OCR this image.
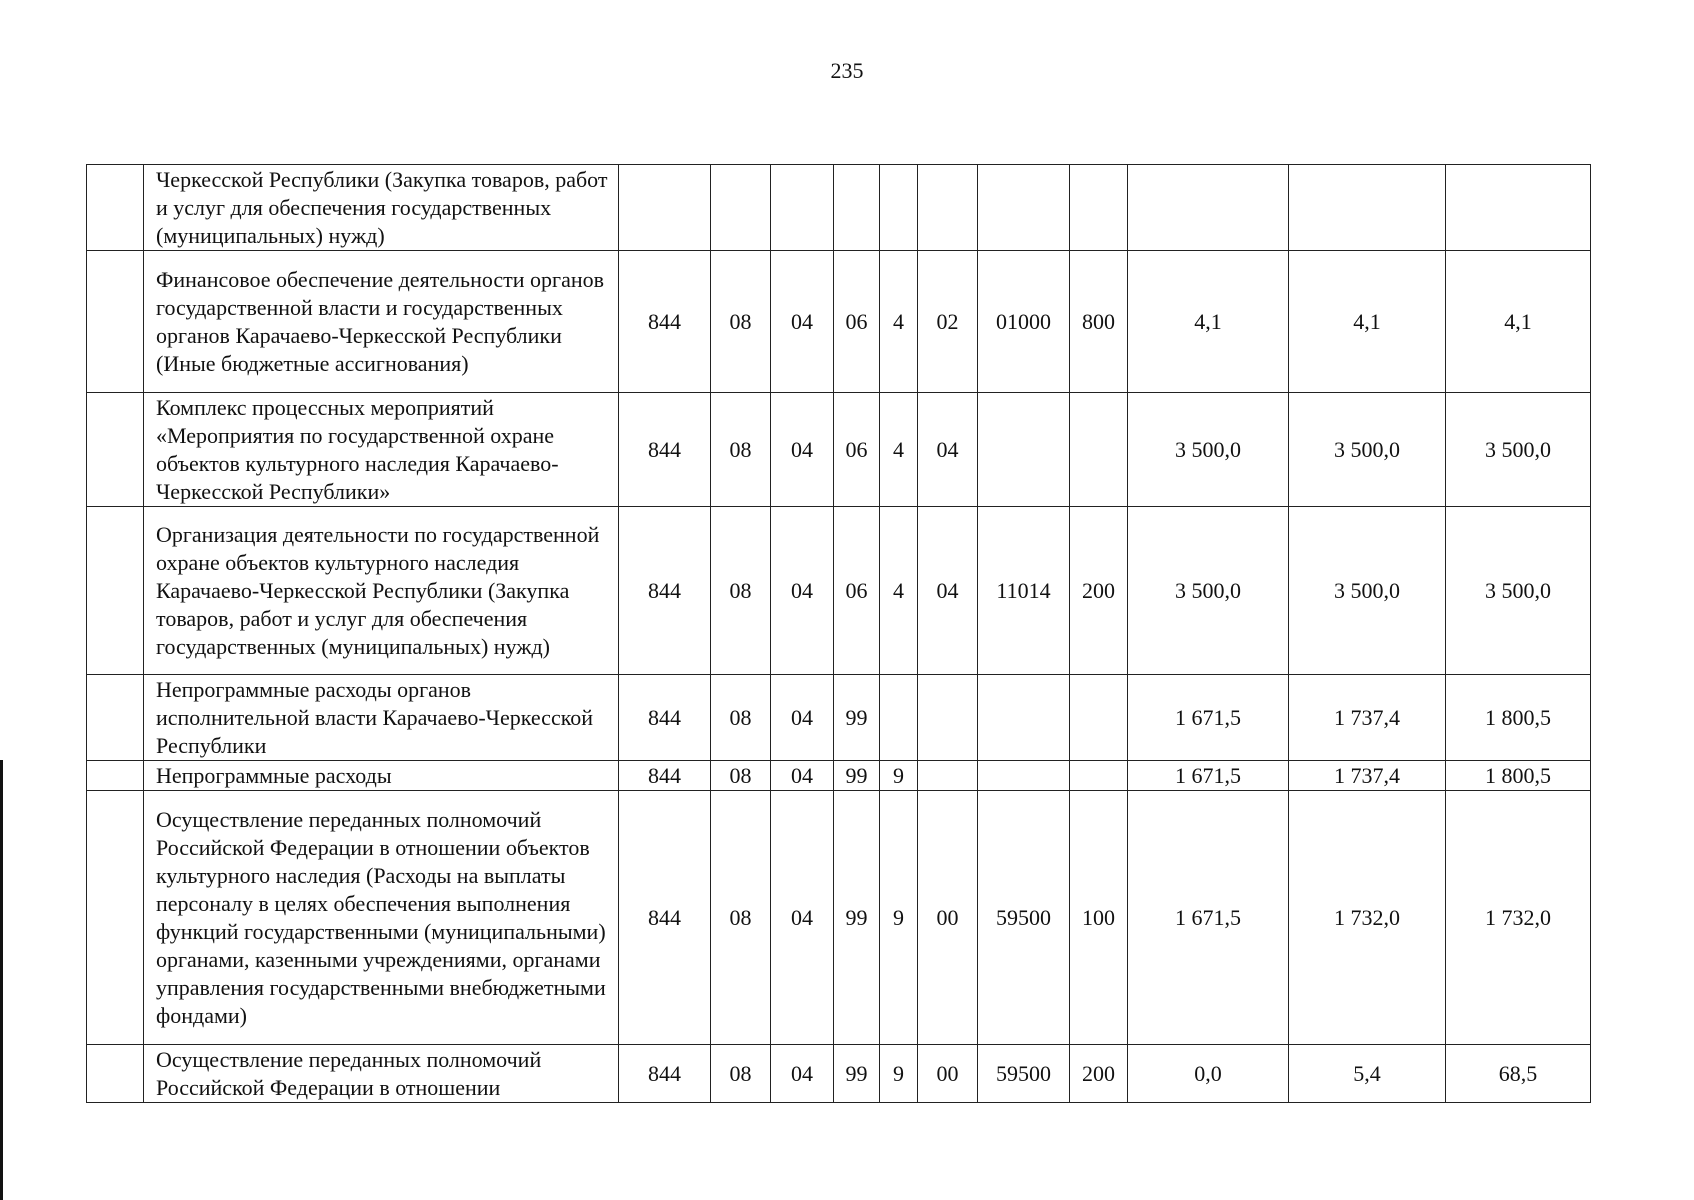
235
	Черкесской Республики (Закупка товаров, работ и услуг для обеспечения государственных (муниципальных) нужд)											
	Финансовое обеспечение деятельности органов государственной власти и государственных органов Карачаево-Черкесской Республики (Иные бюджетные ассигнования)	844	08	04	06	4	02	01000	800	4,1	4,1	4,1
	Комплекс процессных мероприятий «Мероприятия по государственной охране объектов культурного наследия Карачаево-Черкесской Республики»	844	08	04	06	4	04			3 500,0	3 500,0	3 500,0
	Организация деятельности по государственной охране объектов культурного наследия Карачаево-Черкесской Республики (Закупка товаров, работ и услуг для обеспечения государственных (муниципальных) нужд)	844	08	04	06	4	04	11014	200	3 500,0	3 500,0	3 500,0
	Непрограммные расходы органов исполнительной власти Карачаево-Черкесской Республики	844	08	04	99					1 671,5	1 737,4	1 800,5
	Непрограммные расходы	844	08	04	99	9				1 671,5	1 737,4	1 800,5
	Осуществление переданных полномочий Российской Федерации в отношении объектов культурного наследия (Расходы на выплаты персоналу в целях обеспечения выполнения функций государственными (муниципальными) органами, казенными учреждениями, органами управления государственными внебюджетными фондами)	844	08	04	99	9	00	59500	100	1 671,5	1 732,0	1 732,0
	Осуществление переданных полномочий Российской Федерации в отношении	844	08	04	99	9	00	59500	200	0,0	5,4	68,5
